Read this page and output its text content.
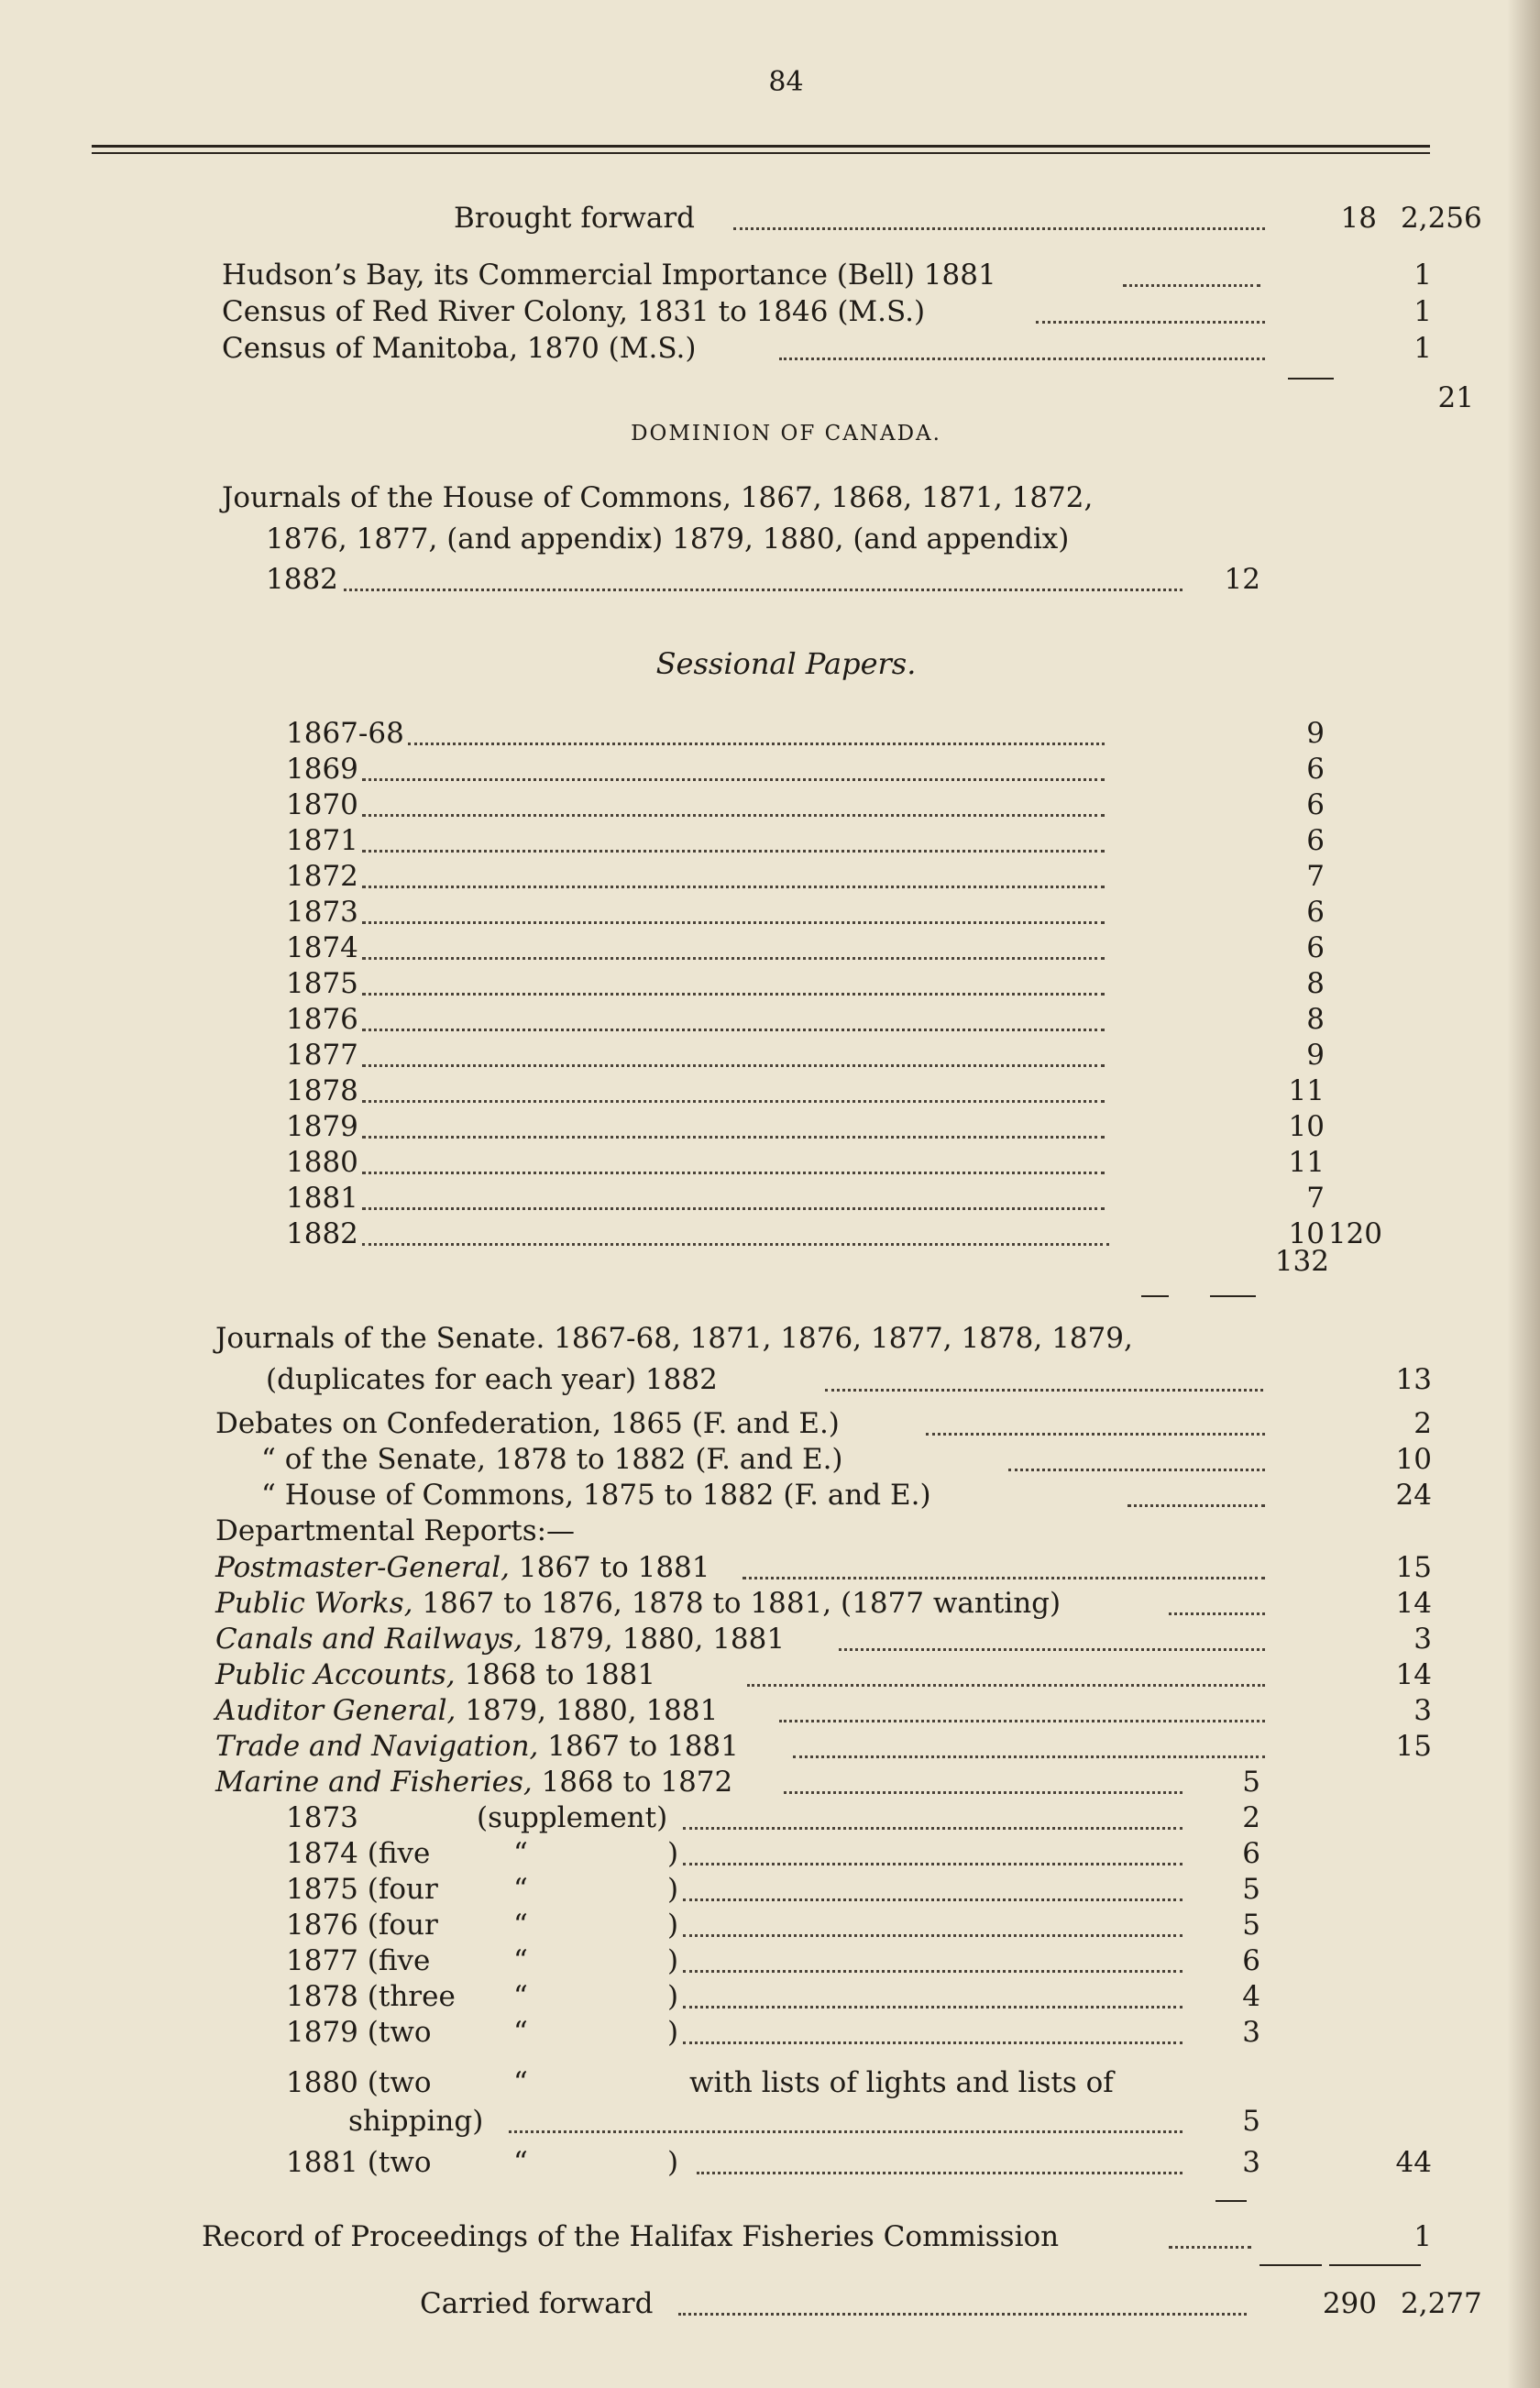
84
Brought forward	18 2,256
Hudson’s Bay, its Commercial Importance (Bell) 1881	1
Census of Red River Colony, 1831 to 1846 (M.S.)	1
Census of Manitoba, 1870 (M.S.)	1
21
DOMINION OF CANADA.
Journals of the House of Commons, 1867, 1868, 1871, 1872,
1876, 1877, (and appendix) 1879, 1880, (and appendix)
1882	12
Sessional Papers.
1867-68	9
1869	6
1870	6
1871	6
1872	7
1873	6
1874	6
1875	8
1876	8
1877	9
1878	11
1879	10
1880	11
1881	7
1882	10 120
132
Journals of the Senate. 1867-68, 1871, 1876, 1877, 1878, 1879,
(duplicates for each year) 1882	13
Debates on Confederation, 1865 (F. and E.)	2
“ of the Senate, 1878 to 1882 (F. and E.)	10
“ House of Commons, 1875 to 1882 (F. and E.)	24
Departmental Reports:—
Postmaster-General, 1867 to 1881	15
Public Works, 1867 to 1876, 1878 to 1881, (1877 wanting)	14
Canals and Railways, 1879, 1880, 1881	3
Public Accounts, 1868 to 1881	14
Auditor General, 1879, 1880, 1881	3
Trade and Navigation, 1867 to 1881	15
Marine and Fisheries, 1868 to 1872	5
1873	(supplement)	2
1874 (five	“	)	6
1875 (four	“	)	5
1876 (four	“	)	5
1877 (five	“	)	6
1878 (three “	)	4
1879 (two	“	)	3
1880 (two	“	with lists of lights and lists of
shipping)	5
1881 (two	“	)	3	44
Record of Proceedings of the Halifax Fisheries Commission	1
Carried forward	290 2,277
